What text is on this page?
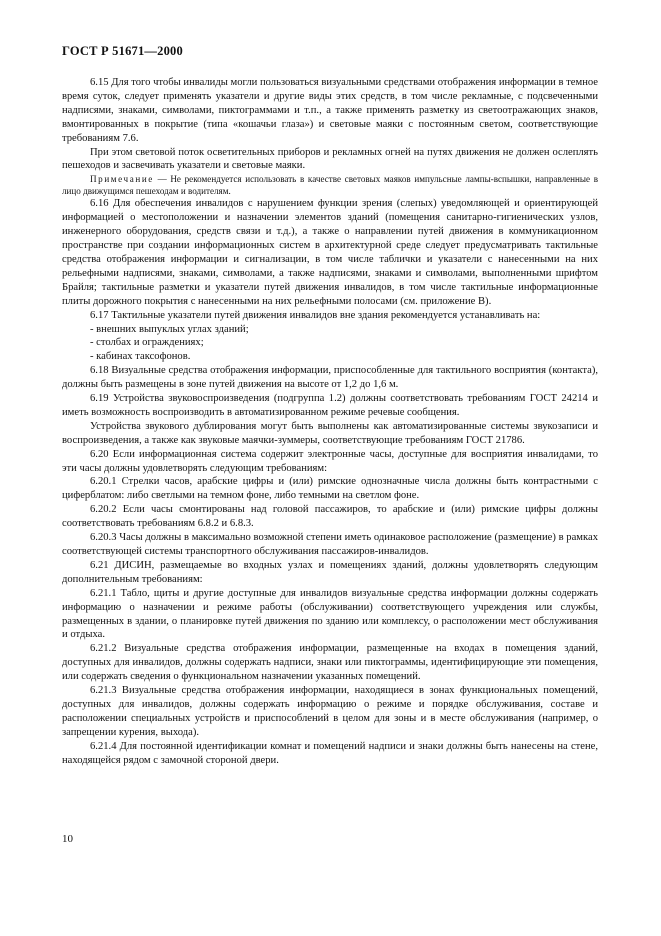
ГОСТ Р 51671—2000

6.15 Для того чтобы инвалиды могли пользоваться визуальными средствами отображения информации в темное время суток, следует применять указатели и другие виды этих средств, в том числе рекламные, с подсвеченными надписями, знаками, символами, пиктограммами и т.п., а также применять разметку из светоотражающих знаков, вмонтированных в покрытие (типа «кошачьи глаза») и световые маяки с постоянным светом, соответствующие требованиям 7.6.

При этом световой поток осветительных приборов и рекламных огней на путях движения не должен ослеплять пешеходов и засвечивать указатели и световые маяки.

Примечание — Не рекомендуется использовать в качестве световых маяков импульсные лампы-вспышки, направленные в лицо движущимся пешеходам и водителям.

6.16 Для обеспечения инвалидов с нарушением функции зрения (слепых) уведомляющей и ориентирующей информацией о местоположении и назначении элементов зданий (помещения санитарно-гигиенических узлов, инженерного оборудования, средств связи и т.д.), а также о направлении путей движения в коммуникационном пространстве при создании информационных систем в архитектурной среде следует предусматривать тактильные средства отображения информации и сигнализации, в том числе таблички и указатели с нанесенными на них рельефными надписями, знаками, символами, а также надписями, знаками и символами, выполненными шрифтом Брайля; тактильные разметки и указатели путей движения инвалидов, в том числе тактильные информационные плиты дорожного покрытия с нанесенными на них рельефными полосами (см. приложение В).

6.17 Тактильные указатели путей движения инвалидов вне здания рекомендуется устанавливать на:

- внешних выпуклых углах зданий;

- столбах и ограждениях;

- кабинах таксофонов.

6.18 Визуальные средства отображения информации, приспособленные для тактильного восприятия (контакта), должны быть размещены в зоне путей движения на высоте от 1,2 до 1,6 м.

6.19 Устройства звуковоспроизведения (подгруппа 1.2) должны соответствовать требованиям ГОСТ 24214 и иметь возможность воспроизводить в автоматизированном режиме речевые сообщения.

Устройства звукового дублирования могут быть выполнены как автоматизированные системы звукозаписи и воспроизведения, а также как звуковые маячки-зуммеры, соответствующие требованиям ГОСТ 21786.

6.20 Если информационная система содержит электронные часы, доступные для восприятия инвалидами, то эти часы должны удовлетворять следующим требованиям:

6.20.1 Стрелки часов, арабские цифры и (или) римские однозначные числа должны быть контрастными с циферблатом: либо светлыми на темном фоне, либо темными на светлом фоне.

6.20.2 Если часы смонтированы над головой пассажиров, то арабские и (или) римские цифры должны соответствовать требованиям 6.8.2 и 6.8.3.

6.20.3 Часы должны в максимально возможной степени иметь одинаковое расположение (размещение) в рамках соответствующей системы транспортного обслуживания пассажиров-инвалидов.

6.21 ДИСИН, размещаемые во входных узлах и помещениях зданий, должны удовлетворять следующим дополнительным требованиям:

6.21.1 Табло, щиты и другие доступные для инвалидов визуальные средства информации должны содержать информацию о назначении и режиме работы (обслуживании) соответствующего учреждения или службы, размещенных в здании, о планировке путей движения по зданию или комплексу, о расположении мест обслуживания и отдыха.

6.21.2 Визуальные средства отображения информации, размещенные на входах в помещения зданий, доступных для инвалидов, должны содержать надписи, знаки или пиктограммы, идентифицирующие эти помещения, или содержать сведения о функциональном назначении указанных помещений.

6.21.3 Визуальные средства отображения информации, находящиеся в зонах функциональных помещений, доступных для инвалидов, должны содержать информацию о режиме и порядке обслуживания, составе и расположении специальных устройств и приспособлений в целом для зоны и в месте обслуживания (например, о запрещении курения, выхода).

6.21.4 Для постоянной идентификации комнат и помещений надписи и знаки должны быть нанесены на стене, находящейся рядом с замочной стороной двери.

10
